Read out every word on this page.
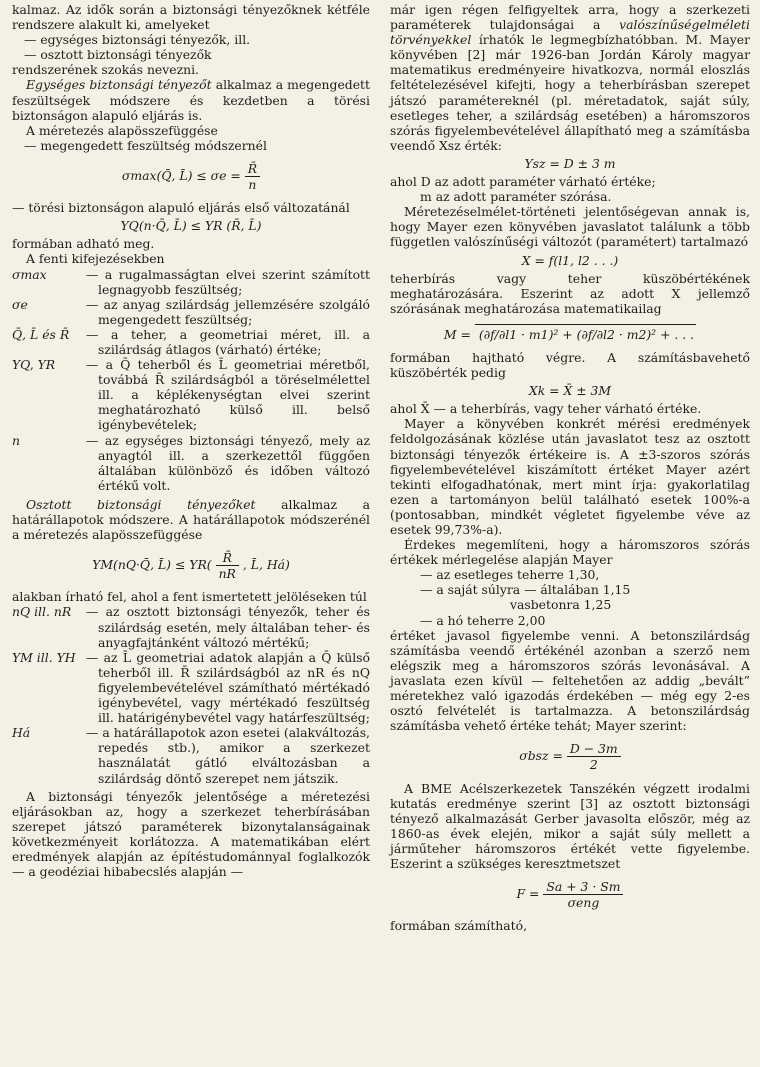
kalmaz. Az idők során a biztonsági tényezőknek kétféle rendszere alakult ki, amelyeket

— egységes biztonsági tényezők, ill.

— osztott biztonsági tényezők

rendszerének szokás nevezni.

Egységes biztonsági tényezőt alkalmaz a megengedett feszültségek módszere és kezdetben a törési biztonságon alapuló eljárás is.

A méretezés alapösszefüggése

— megengedett feszültség módszernél

σmax(Q̄, L̄) ≤ $\sigma e = \frac{R̄}{n}$

— törési biztonságon alapuló eljárás első változatánál

YQ(n·Q̄, L̄) ≤ YR (R̄, L̄)

formában adható meg.

A fenti kifejezésekben

σmax	— a rugalmasságtan elvei szerint számított legnagyobb feszültség;
σe	— az anyag szilárdság jellemzésére szolgáló megengedett feszültség;
Q̄, L̄ és R̄	— a teher, a geometriai méret, ill. a szilárdság átlagos (várható) értéke;
YQ, YR	— a Q̄ teherből és L̄ geometriai méretből, továbbá R̄ szilárdságból a töréselmélettel ill. a képlékenységtan elvei szerint meghatározható külső ill. belső igénybevételek;
n	— az egységes biztonsági tényező, mely az anyagtól ill. a szerkezettől függően általában különböző és időben változó értékű volt.

Osztott biztonsági tényezőket alkalmaz a határállapotok módszere. A határállapotok módszerénél a méretezés alapösszefüggése

YM(nQ·Q̄, L̄) ≤ $YR( \frac{R̄}{nR}$ , L̄, Há)

alakban írható fel, ahol a fent ismertetett jelöléseken túl

nQ ill. nR	— az osztott biztonsági tényezők, teher és szilárdság esetén, mely általában teher- és anyagfajtánként változó mértékű;
YM ill. YH — az L̄ geometriai adatok alapján a Q̄ külső teherből ill. R̄ szilárdságból az nR és nQ figyelembevételével számítható mértékadó igénybevétel, vagy mértékadó feszültség ill. határigénybevétel vagy határfeszültség;
Há	— a határállapotok azon esetei (alakváltozás, repedés stb.), amikor a szerkezet használatát gátló elváltozásban a szilárdság döntő szerepet nem játszik.

A biztonsági tényezők jelentősége a méretezési eljárásokban az, hogy a szerkezet teherbírásában szerepet játszó paraméterek bizonytalanságainak következményeit korlátozza. A matematikában elért eredmények alapján az építéstudománnyal foglalkozók — a geodéziai hibabecslés alapján —

már igen régen felfigyeltek arra, hogy a szerkezeti paraméterek tulajdonságai a valószínűségelméleti törvényekkel írhatók le legmegbízhatóbban. M. Mayer könyvében [2] már 1926-ban Jordán Károly magyar matematikus eredményeire hivatkozva, normál eloszlás feltételezésével kifejti, hogy a teherbírásban szerepet játszó paramétereknél (pl. méretadatok, saját súly, esetleges teher, a szilárdság esetében) a háromszoros szórás figyelembevételével állapítható meg a számításba veendő Xsz érték:

Ysz = D ± 3 m

ahol D az adott paraméter várható értéke;

m az adott paraméter szórása.

Méretezéselmélet-történeti jelentőségevan annak is, hogy Mayer ezen könyvében javaslatot találunk a több független valószínűségi változót (paramétert) tartalmazó

X = f(l1, l2 . . .)

teherbírás vagy teher küszöbértékének meghatározására. Eszerint az adott X jellemző szórásának meghatározása matematikailag

M = (∂f/∂l1 · m1)² + (∂f/∂l2 · m2)² + . . .

formában hajtható végre. A számításbavehető küszöbérték pedig

Xk = X̄ ± 3M

ahol X̄ — a teherbírás, vagy teher várható értéke.

Mayer a könyvében konkrét mérési eredmények feldolgozásának közlése után javaslatot tesz az osztott biztonsági tényezők értékeire is. A ±3-szoros szórás figyelembevételével kiszámított értéket Mayer azért tekinti elfogadhatónak, mert mint írja: gyakorlatilag ezen a tartományon belül található esetek 100%-a (pontosabban, mindkét végletet figyelembe véve az esetek 99,73%-a).

Érdekes megemlíteni, hogy a háromszoros szórás értékek mérlegelése alapján Mayer

— az esetleges teherre 1,30,

— a saját súlyra — általában 1,15

vasbetonra 1,25

— a hó teherre 2,00

értéket javasol figyelembe venni. A betonszilárdság számításba veendő értékénél azonban a szerző nem elégszik meg a háromszoros szórás levonásával. A javaslata ezen kívül — feltehetően az addig „bevált” méretekhez való igazodás érdekében — még egy 2-es osztó felvételét is tartalmazza. A betonszilárdság számításba vehető értéke tehát; Mayer szerint:

$\sigma bsz = \frac{D - 3m}{2}$

A BME Acélszerkezetek Tanszékén végzett irodalmi kutatás eredménye szerint [3] az osztott biztonsági tényező alkalmazását Gerber javasolta először, még az 1860-as évek elején, mikor a saját súly mellett a járműteher háromszoros értékét vette figyelembe. Eszerint a szükséges keresztmetszet

$F = \frac{Sa + 3 \cdot Sm}{\text{σeng}}$

formában számítható,
